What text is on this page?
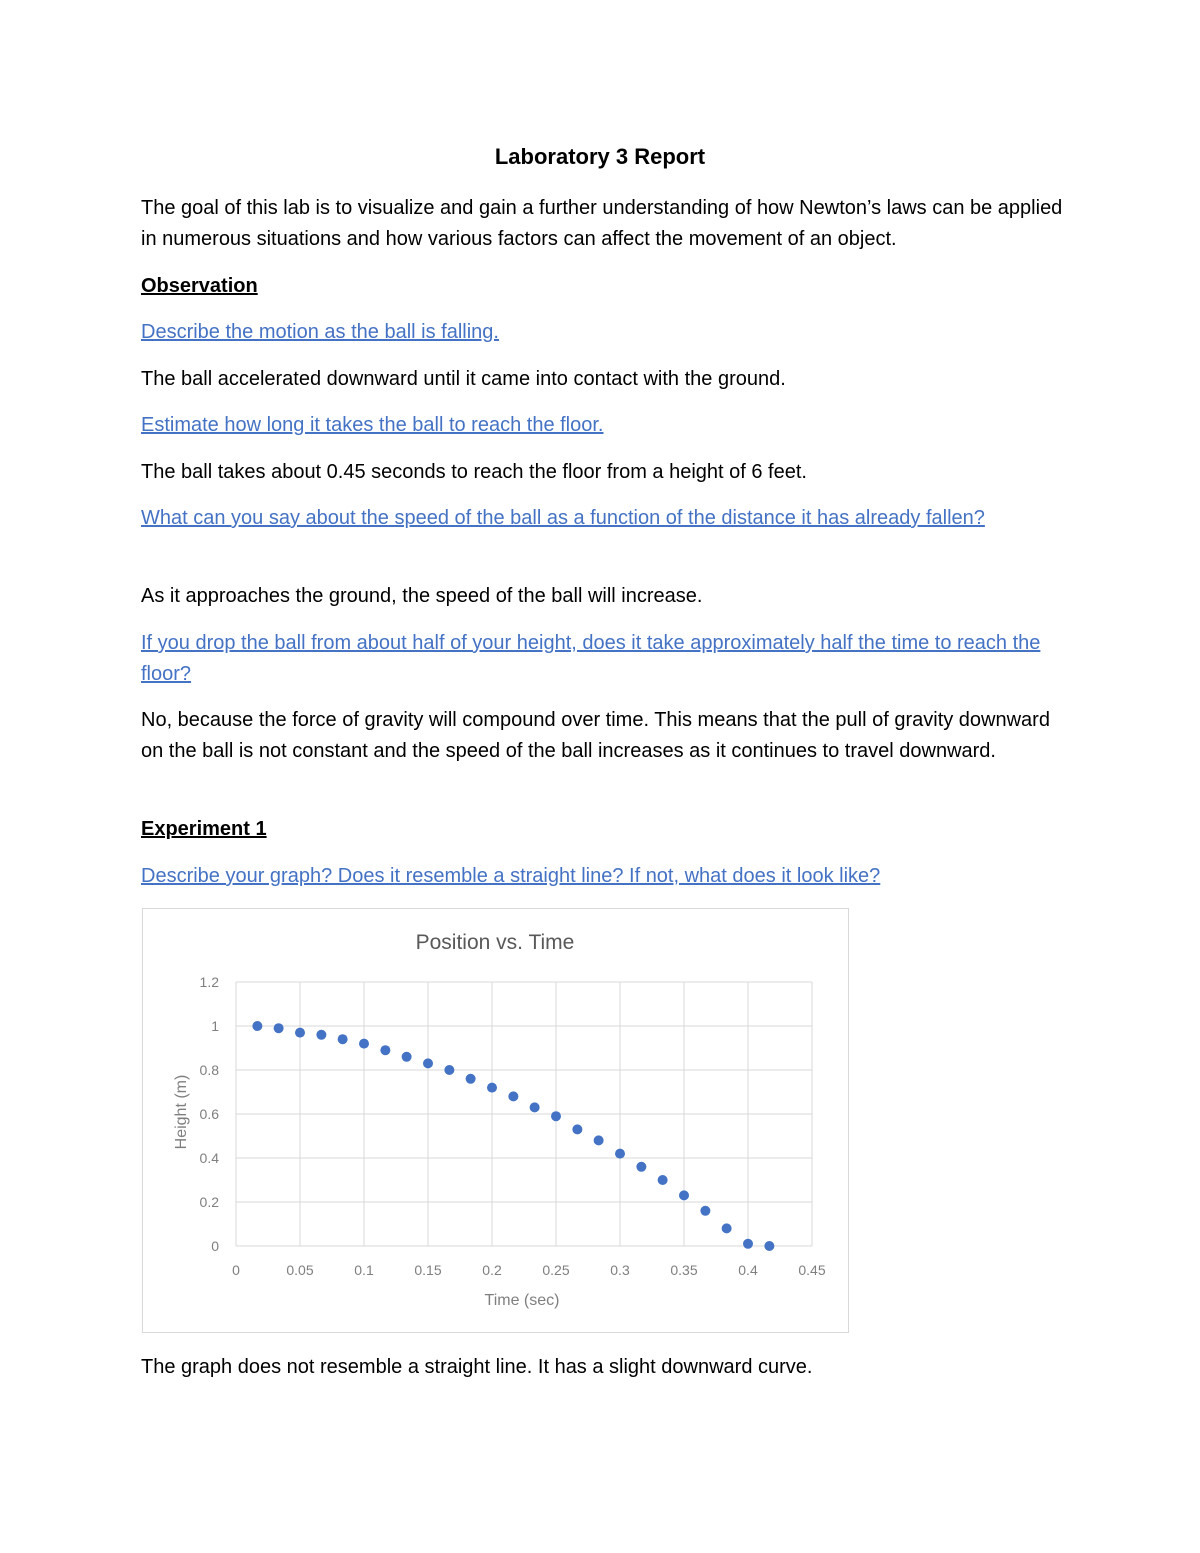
Laboratory 3 Report

The goal of this lab is to visualize and gain a further understanding of how Newton’s laws can be applied in numerous situations and how various factors can affect the movement of an object.

Observation

Describe the motion as the ball is falling.

The ball accelerated downward until it came into contact with the ground.

Estimate how long it takes the ball to reach the floor.

The ball takes about 0.45 seconds to reach the floor from a height of 6 feet.

What can you say about the speed of the ball as a function of the distance it has already fallen?

As it approaches the ground, the speed of the ball will increase.

If you drop the ball from about half of your height, does it take approximately half the time to reach the floor?

No, because the force of gravity will compound over time. This means that the pull of gravity downward on the ball is not constant and the speed of the ball increases as it continues to travel downward.

Experiment 1

Describe your graph? Does it resemble a straight line? If not, what does it look like?

Position vs. Time
0	0.05	0.1	0.15	0.2	0.25	0.3	0.35	0.4	0.45
0
0.2
0.4
0.6
0.8
1
1.2
Time (sec)
Height (m)

The graph does not resemble a straight line. It has a slight downward curve.
